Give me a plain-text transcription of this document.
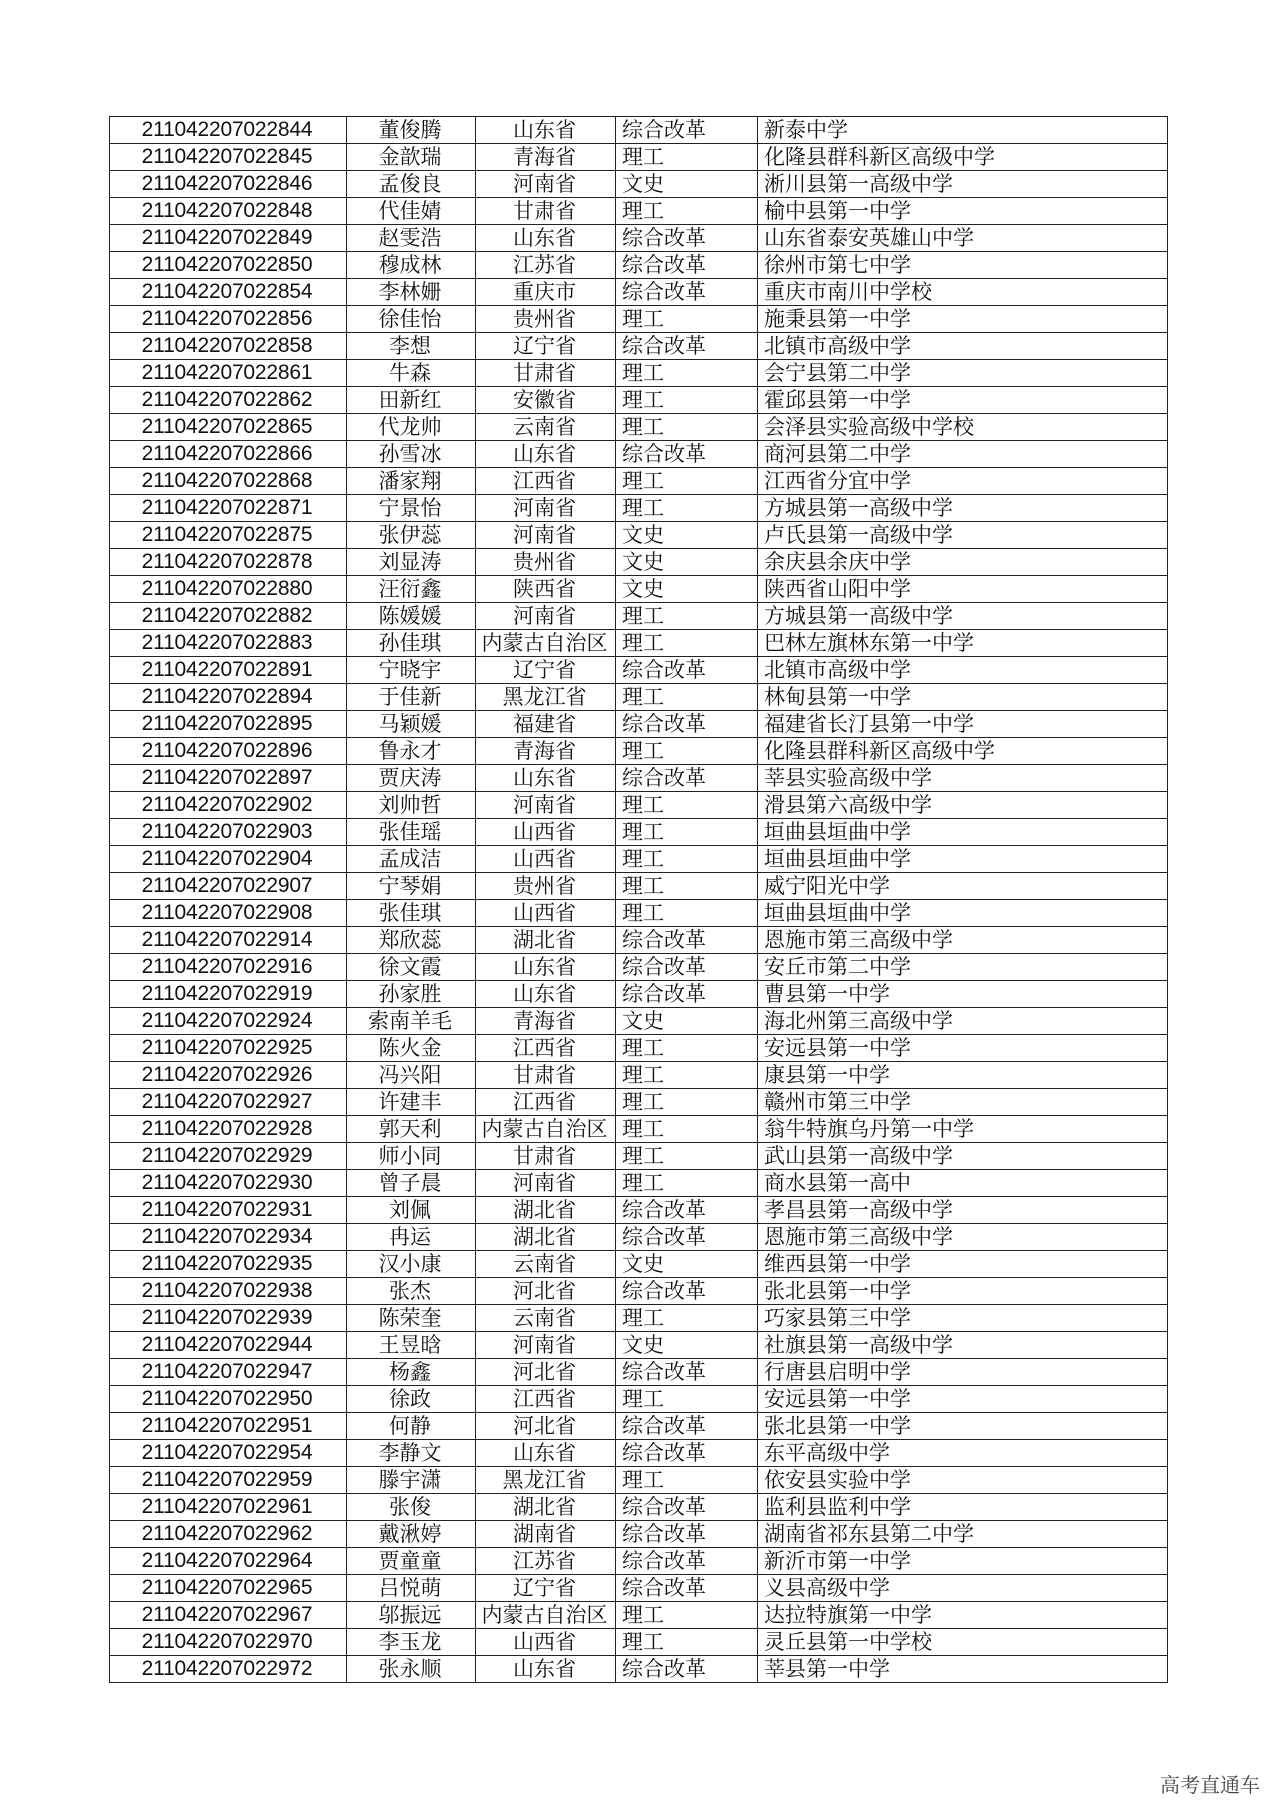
211042207022844	董俊腾	山东省	综合改革	新泰中学
211042207022845	金歆瑞	青海省	理工	化隆县群科新区高级中学
211042207022846	孟俊良	河南省	文史	淅川县第一高级中学
211042207022848	代佳婧	甘肃省	理工	榆中县第一中学
211042207022849	赵雯浩	山东省	综合改革	山东省泰安英雄山中学
211042207022850	穆成林	江苏省	综合改革	徐州市第七中学
211042207022854	李林姗	重庆市	综合改革	重庆市南川中学校
211042207022856	徐佳怡	贵州省	理工	施秉县第一中学
211042207022858	李想	辽宁省	综合改革	北镇市高级中学
211042207022861	牛森	甘肃省	理工	会宁县第二中学
211042207022862	田新红	安徽省	理工	霍邱县第一中学
211042207022865	代龙帅	云南省	理工	会泽县实验高级中学校
211042207022866	孙雪冰	山东省	综合改革	商河县第二中学
211042207022868	潘家翔	江西省	理工	江西省分宜中学
211042207022871	宁景怡	河南省	理工	方城县第一高级中学
211042207022875	张伊蕊	河南省	文史	卢氏县第一高级中学
211042207022878	刘显涛	贵州省	文史	余庆县余庆中学
211042207022880	汪衍鑫	陕西省	文史	陕西省山阳中学
211042207022882	陈媛媛	河南省	理工	方城县第一高级中学
211042207022883	孙佳琪	内蒙古自治区	理工	巴林左旗林东第一中学
211042207022891	宁晓宇	辽宁省	综合改革	北镇市高级中学
211042207022894	于佳新	黑龙江省	理工	林甸县第一中学
211042207022895	马颖媛	福建省	综合改革	福建省长汀县第一中学
211042207022896	鲁永才	青海省	理工	化隆县群科新区高级中学
211042207022897	贾庆涛	山东省	综合改革	莘县实验高级中学
211042207022902	刘帅哲	河南省	理工	滑县第六高级中学
211042207022903	张佳瑶	山西省	理工	垣曲县垣曲中学
211042207022904	孟成洁	山西省	理工	垣曲县垣曲中学
211042207022907	宁琴娟	贵州省	理工	威宁阳光中学
211042207022908	张佳琪	山西省	理工	垣曲县垣曲中学
211042207022914	郑欣蕊	湖北省	综合改革	恩施市第三高级中学
211042207022916	徐文霞	山东省	综合改革	安丘市第二中学
211042207022919	孙家胜	山东省	综合改革	曹县第一中学
211042207022924	索南羊毛	青海省	文史	海北州第三高级中学
211042207022925	陈火金	江西省	理工	安远县第一中学
211042207022926	冯兴阳	甘肃省	理工	康县第一中学
211042207022927	许建丰	江西省	理工	赣州市第三中学
211042207022928	郭天利	内蒙古自治区	理工	翁牛特旗乌丹第一中学
211042207022929	师小同	甘肃省	理工	武山县第一高级中学
211042207022930	曾子晨	河南省	理工	商水县第一高中
211042207022931	刘佩	湖北省	综合改革	孝昌县第一高级中学
211042207022934	冉运	湖北省	综合改革	恩施市第三高级中学
211042207022935	汉小康	云南省	文史	维西县第一中学
211042207022938	张杰	河北省	综合改革	张北县第一中学
211042207022939	陈荣奎	云南省	理工	巧家县第三中学
211042207022944	王昱晗	河南省	文史	社旗县第一高级中学
211042207022947	杨鑫	河北省	综合改革	行唐县启明中学
211042207022950	徐政	江西省	理工	安远县第一中学
211042207022951	何静	河北省	综合改革	张北县第一中学
211042207022954	李静文	山东省	综合改革	东平高级中学
211042207022959	滕宇潇	黑龙江省	理工	依安县实验中学
211042207022961	张俊	湖北省	综合改革	监利县监利中学
211042207022962	戴湫婷	湖南省	综合改革	湖南省祁东县第二中学
211042207022964	贾童童	江苏省	综合改革	新沂市第一中学
211042207022965	吕悦萌	辽宁省	综合改革	义县高级中学
211042207022967	邬振远	内蒙古自治区	理工	达拉特旗第一中学
211042207022970	李玉龙	山西省	理工	灵丘县第一中学校
211042207022972	张永顺	山东省	综合改革	莘县第一中学
高考直通车
